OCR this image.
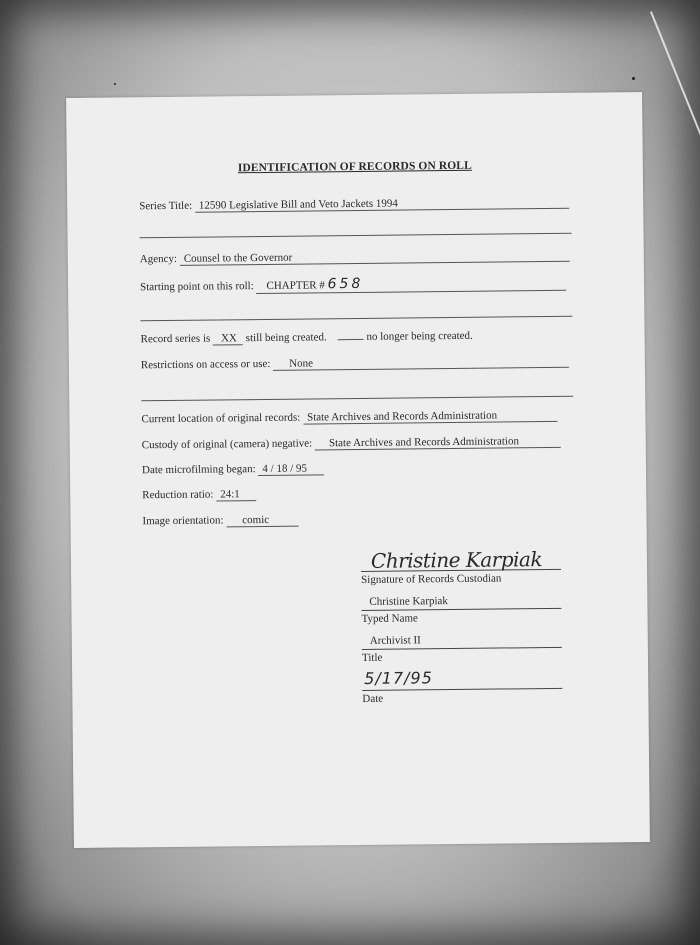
IDENTIFICATION OF RECORDS ON ROLL
Series Title: 12590 Legislative Bill and Veto Jackets 1994
Agency: Counsel to the Governor
Starting point on this roll: CHAPTER # 658
Record series is XX still being created.	no longer being created.
Restrictions on access or use: None
Current location of original records: State Archives and Records Administration
Custody of original (camera) negative: State Archives and Records Administration
Date microfilming began: 4 / 18 / 95
Reduction ratio: 24:1
Image orientation: comic
Christine Karpiak
Signature of Records Custodian
Christine Karpiak
Typed Name
Archivist II
Title
5/17/95
Date
